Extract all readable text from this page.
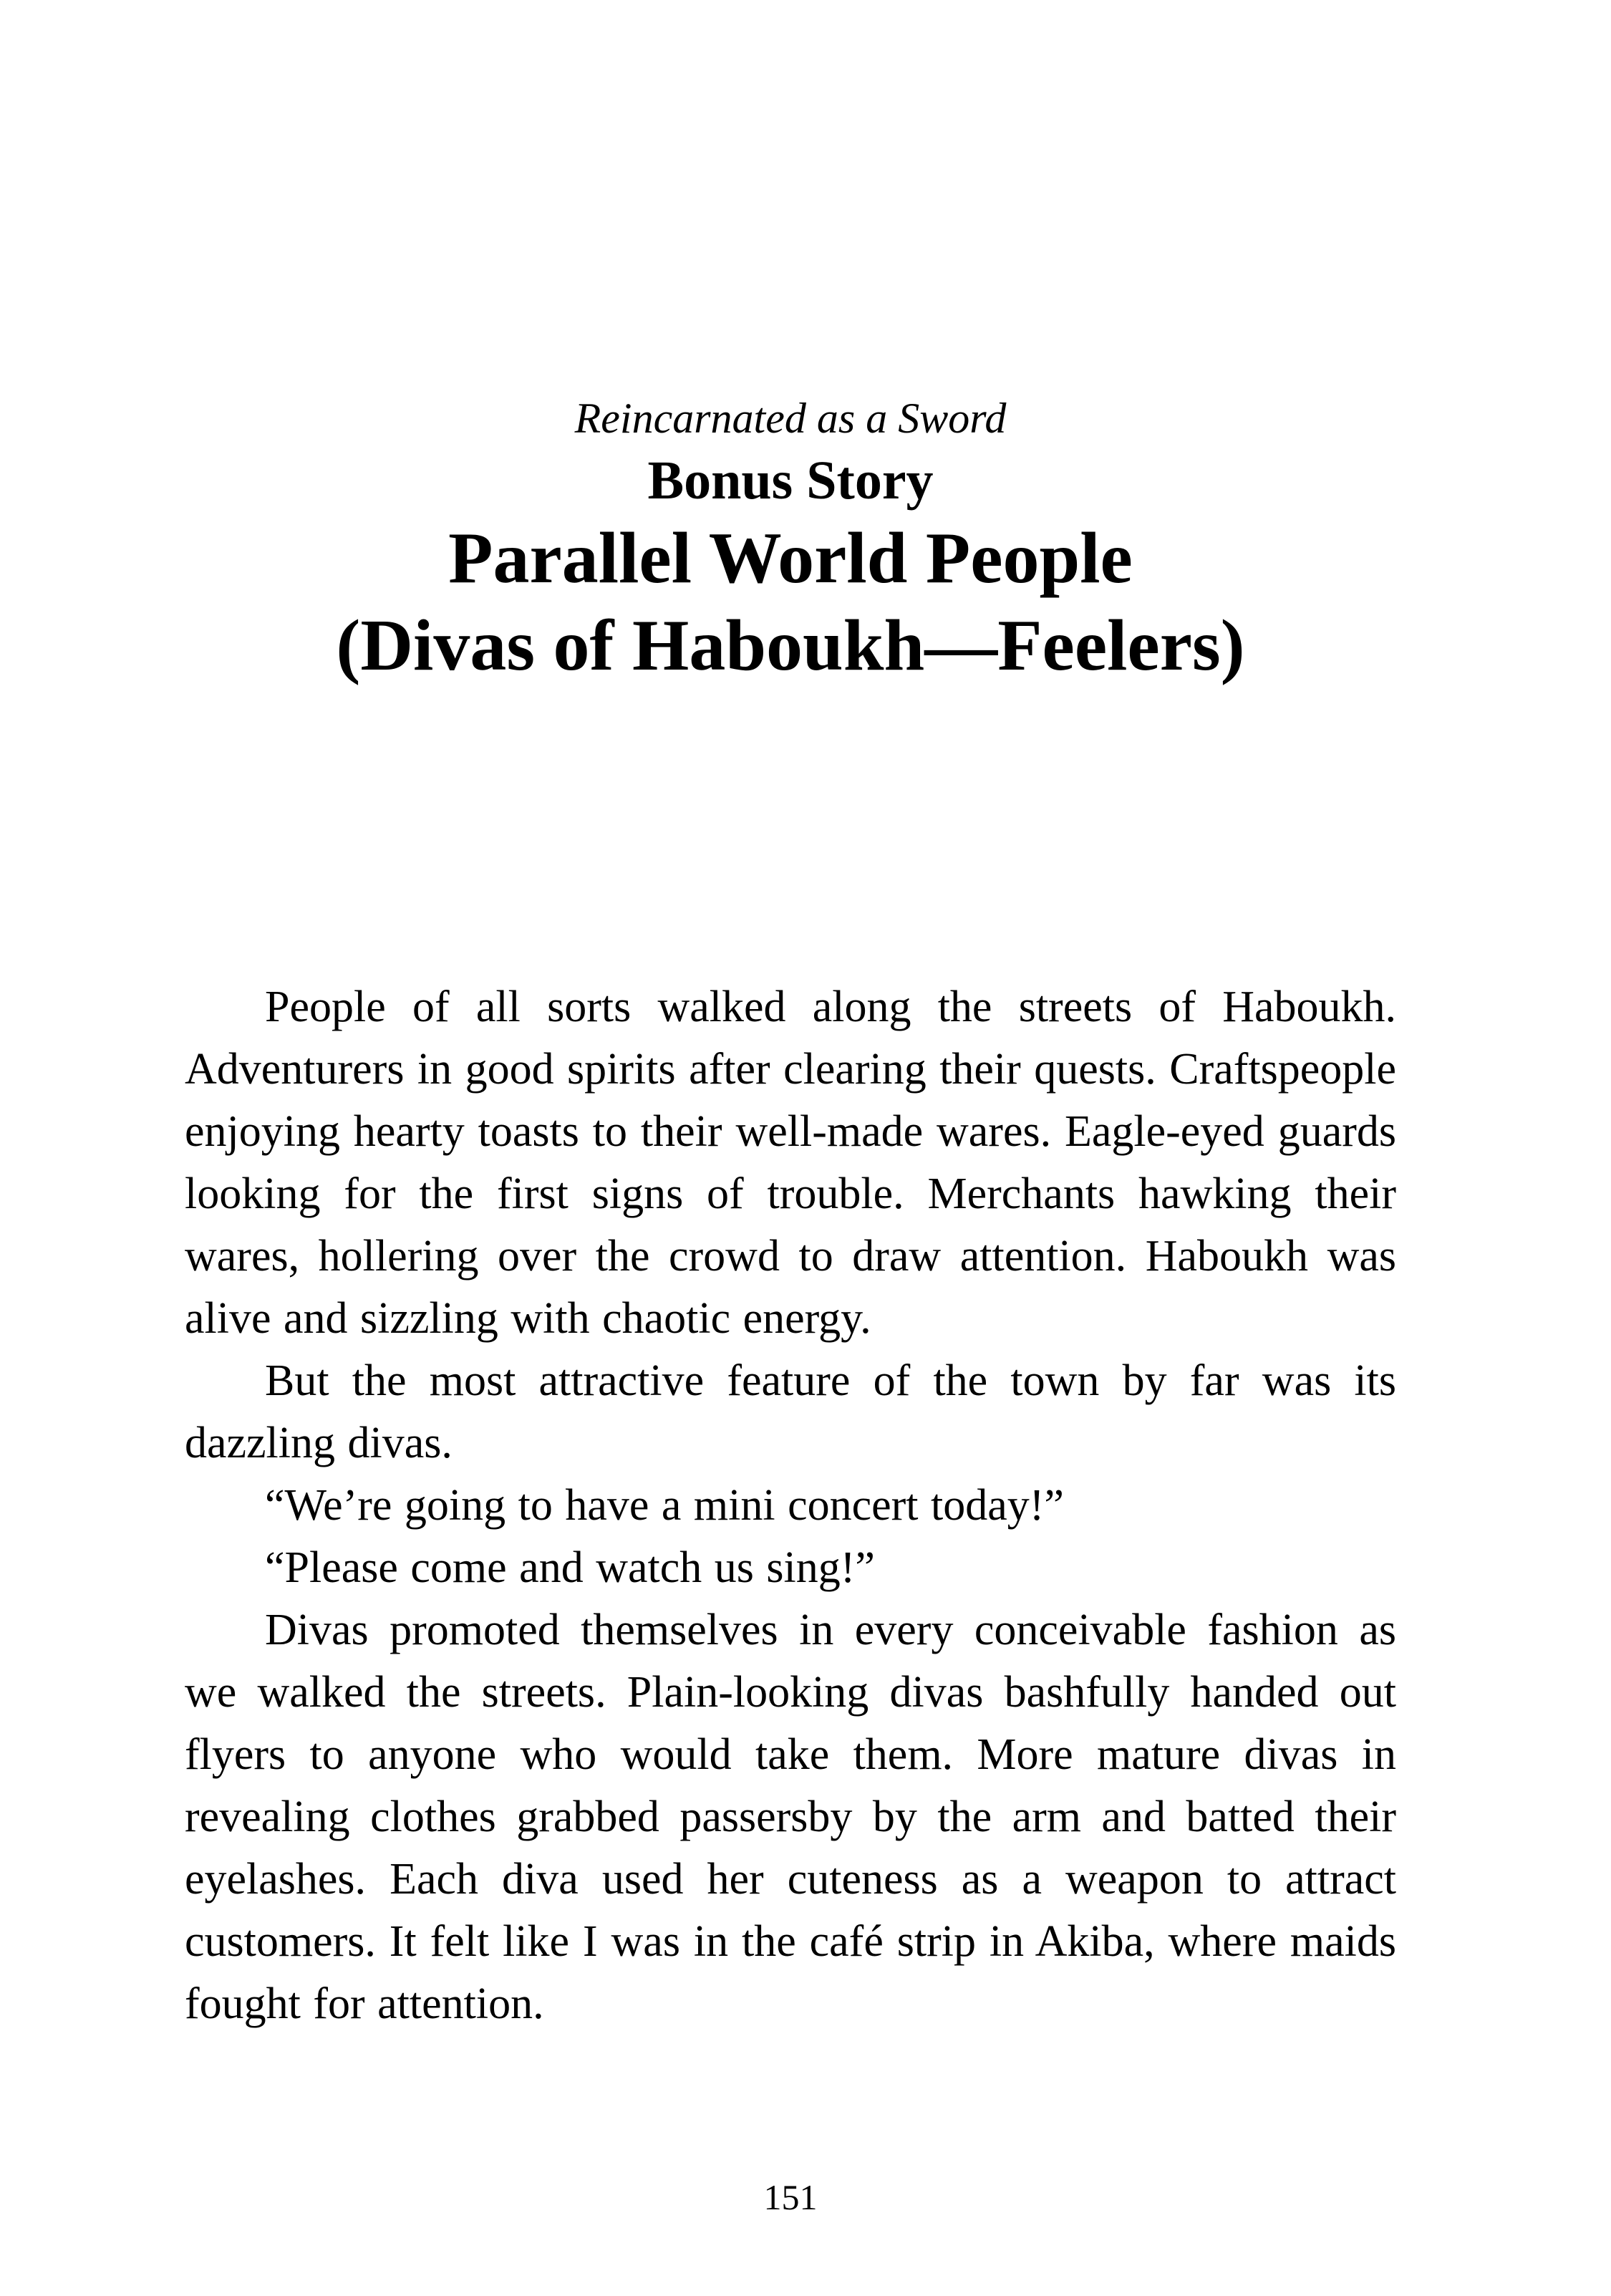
Reincarnated as a Sword

Bonus Story

Parallel World People

(Divas of Haboukh—Feelers)

People of all sorts walked along the streets of Haboukh. Adventurers in good spirits after clearing their quests. Craftspeople enjoying hearty toasts to their well-made wares. Eagle-eyed guards looking for the first signs of trouble. Merchants hawking their wares, hollering over the crowd to draw attention. Haboukh was alive and sizzling with chaotic energy.

But the most attractive feature of the town by far was its dazzling divas.

“We’re going to have a mini concert today!”

“Please come and watch us sing!”

Divas promoted themselves in every conceivable fashion as we walked the streets. Plain-looking divas bashfully handed out flyers to anyone who would take them. More mature divas in revealing clothes grabbed passersby by the arm and batted their eyelashes. Each diva used her cuteness as a weapon to attract customers. It felt like I was in the café strip in Akiba, where maids fought for attention.

151
